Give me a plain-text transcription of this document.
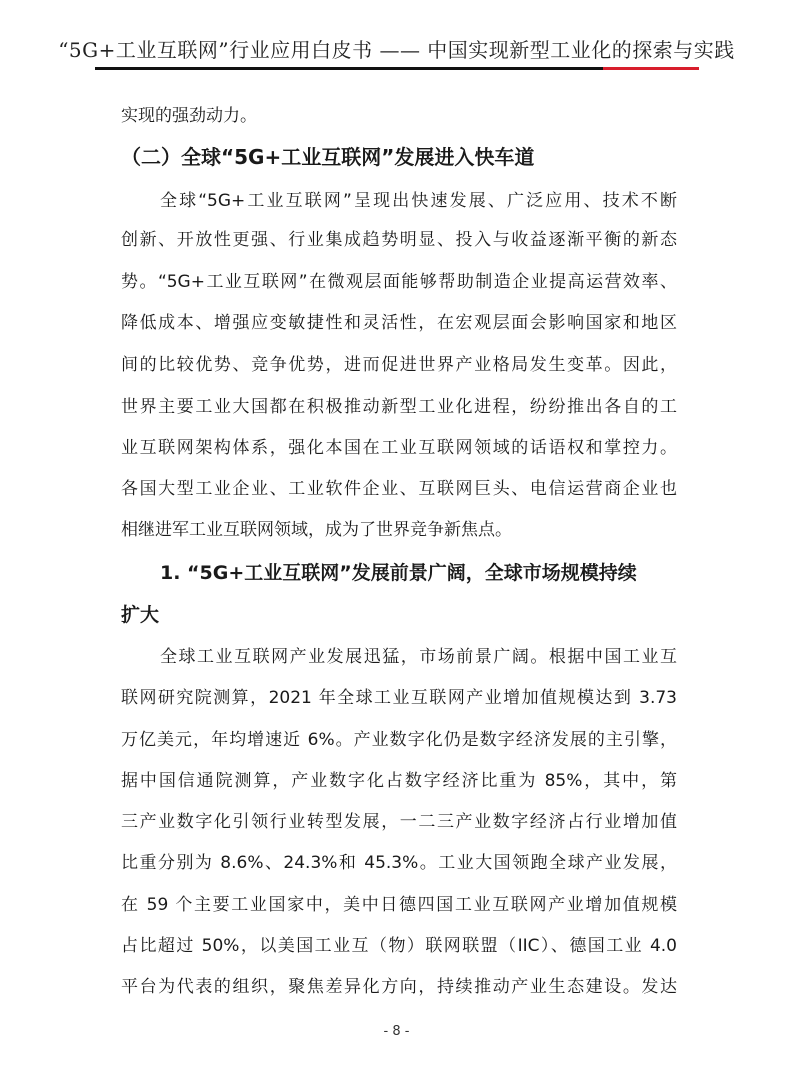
“5G+工业互联网”行业应用白皮书 —— 中国实现新型工业化的探索与实践
实现的强劲动力。
（二）全球“5G+工业互联网”发展进入快车道
全球“5G+工业互联网”呈现出快速发展、广泛应用、技术不断
创新、开放性更强、行业集成趋势明显、投入与收益逐渐平衡的新态
势。“5G+工业互联网”在微观层面能够帮助制造企业提高运营效率、
降低成本、增强应变敏捷性和灵活性，在宏观层面会影响国家和地区
间的比较优势、竞争优势，进而促进世界产业格局发生变革。因此，
世界主要工业大国都在积极推动新型工业化进程，纷纷推出各自的工
业互联网架构体系，强化本国在工业互联网领域的话语权和掌控力。
各国大型工业企业、工业软件企业、互联网巨头、电信运营商企业也
相继进军工业互联网领域，成为了世界竞争新焦点。
1. “5G+工业互联网”发展前景广阔，全球市场规模持续
扩大
全球工业互联网产业发展迅猛，市场前景广阔。根据中国工业互
联网研究院测算，2021 年全球工业互联网产业增加值规模达到 3.73
万亿美元，年均增速近 6%。产业数字化仍是数字经济发展的主引擎，
据中国信通院测算，产业数字化占数字经济比重为 85%，其中，第
三产业数字化引领行业转型发展，一二三产业数字经济占行业增加值
比重分别为 8.6%、24.3%和 45.3%。工业大国领跑全球产业发展，
在 59 个主要工业国家中，美中日德四国工业互联网产业增加值规模
占比超过 50%，以美国工业互（物）联网联盟（IIC）、德国工业 4.0
平台为代表的组织，聚焦差异化方向，持续推动产业生态建设。发达
- 8 -
